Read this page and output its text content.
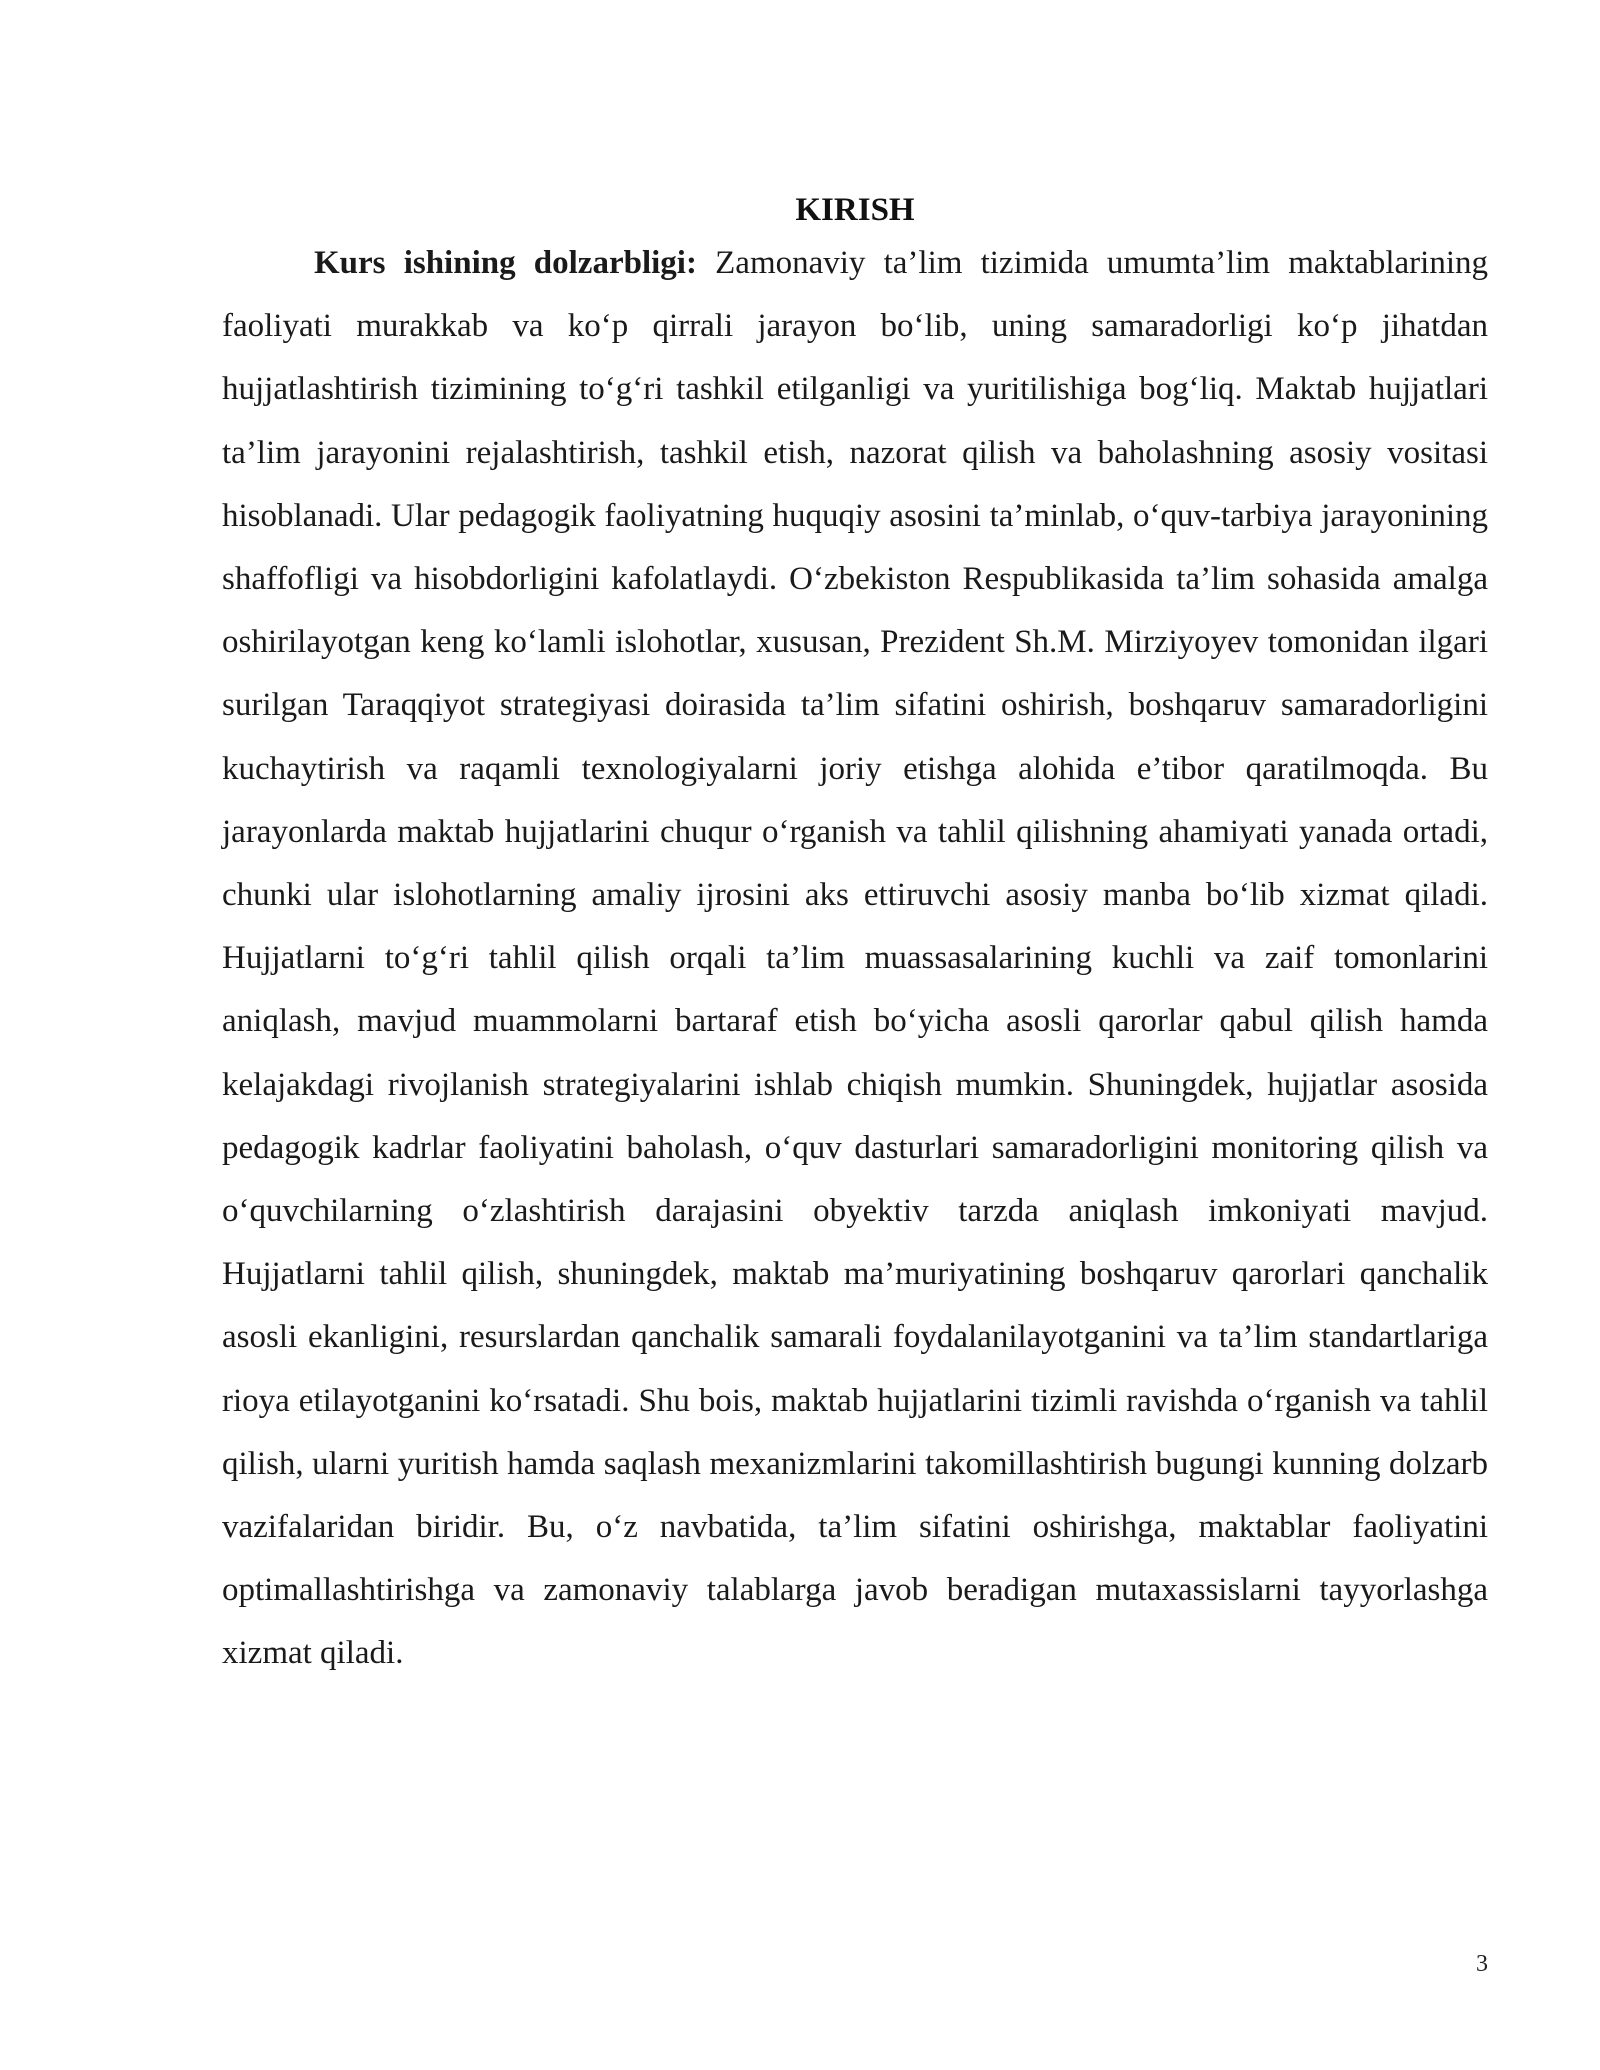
KIRISH

Kurs ishining dolzarbligi: Zamonaviy ta’lim tizimida umumta’lim maktablarining faoliyati murakkab va ko‘p qirrali jarayon bo‘lib, uning samaradorligi ko‘p jihatdan hujjatlashtirish tizimining to‘g‘ri tashkil etilganligi va yuritilishiga bog‘liq. Maktab hujjatlari ta’lim jarayonini rejalashtirish, tashkil etish, nazorat qilish va baholashning asosiy vositasi hisoblanadi. Ular pedagogik faoliyatning huquqiy asosini ta’minlab, o‘quv-tarbiya jarayonining shaffofligi va hisobdorligini kafolatlaydi. O‘zbekiston Respublikasida ta’lim sohasida amalga oshirilayotgan keng ko‘lamli islohotlar, xususan, Prezident Sh.M. Mirziyoyev tomonidan ilgari surilgan Taraqqiyot strategiyasi doirasida ta’lim sifatini oshirish, boshqaruv samaradorligini kuchaytirish va raqamli texnologiyalarni joriy etishga alohida e’tibor qaratilmoqda. Bu jarayonlarda maktab hujjatlarini chuqur o‘rganish va tahlil qilishning ahamiyati yanada ortadi, chunki ular islohotlarning amaliy ijrosini aks ettiruvchi asosiy manba bo‘lib xizmat qiladi. Hujjatlarni to‘g‘ri tahlil qilish orqali ta’lim muassasalarining kuchli va zaif tomonlarini aniqlash, mavjud muammolarni bartaraf etish bo‘yicha asosli qarorlar qabul qilish hamda kelajakdagi rivojlanish strategiyalarini ishlab chiqish mumkin. Shuningdek, hujjatlar asosida pedagogik kadrlar faoliyatini baholash, o‘quv dasturlari samaradorligini monitoring qilish va o‘quvchilarning o‘zlashtirish darajasini obyektiv tarzda aniqlash imkoniyati mavjud. Hujjatlarni tahlil qilish, shuningdek, maktab ma’muriyatining boshqaruv qarorlari qanchalik asosli ekanligini, resurslardan qanchalik samarali foydalanilayotganini va ta’lim standartlariga rioya etilayotganini ko‘rsatadi. Shu bois, maktab hujjatlarini tizimli ravishda o‘rganish va tahlil qilish, ularni yuritish hamda saqlash mexanizmlarini takomillashtirish bugungi kunning dolzarb vazifalaridan biridir. Bu, o‘z navbatida, ta’lim sifatini oshirishga, maktablar faoliyatini optimallashtirishga va zamonaviy talablarga javob beradigan mutaxassislarni tayyorlashga xizmat qiladi.

3
